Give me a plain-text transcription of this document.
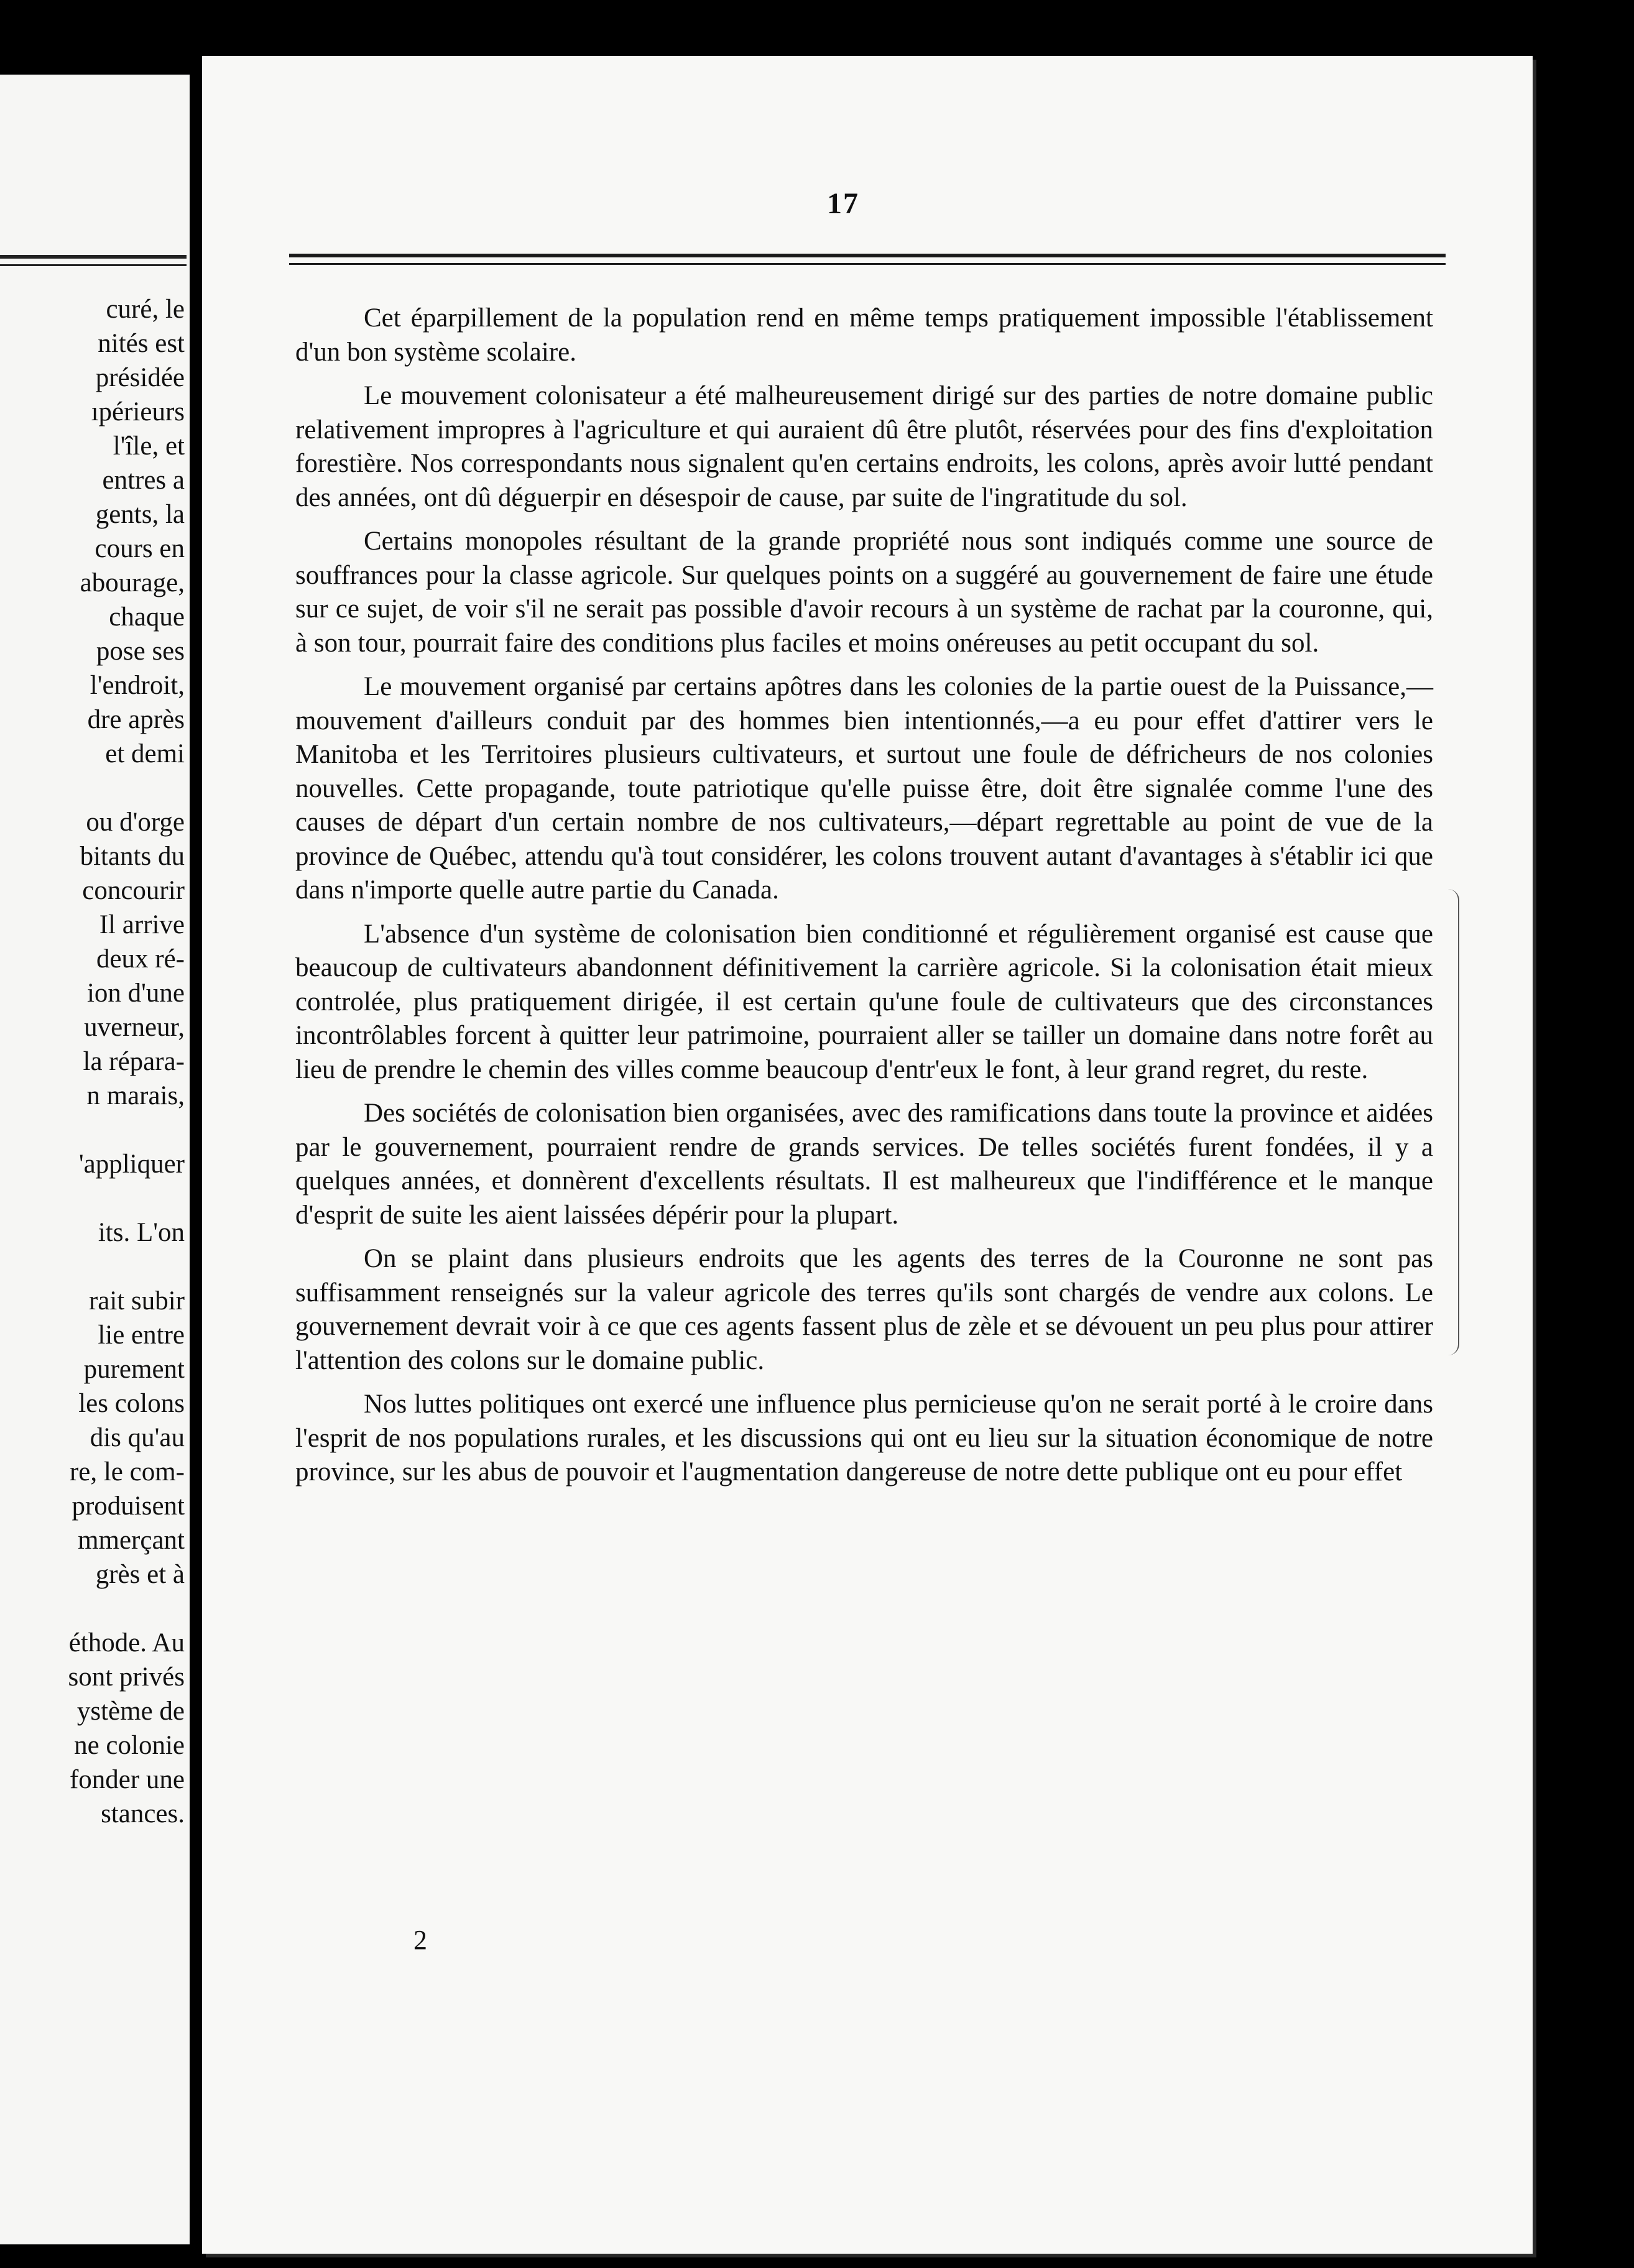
curé, le
nités est
présidée
ıpérieurs
l'île, et
entres a
gents, la
cours en
abourage,
chaque
pose ses
l'endroit,
dre après
et demi
ou d'orge
bitants du
concourir
Il arrive
deux ré-
ion d'une
uverneur,
la répara-
n marais,
'appliquer
its. L'on
rait subir
lie entre
purement
les colons
dis qu'au
re, le com-
produisent
mmerçant
grès et à
éthode. Au
sont privés
ystème de
ne colonie
fonder une
stances.
17

Cet éparpillement de la population rend en même temps pratiquement impossible l'établissement d'un bon système scolaire.

Le mouvement colonisateur a été malheureusement dirigé sur des parties de notre domaine public relativement impropres à l'agriculture et qui auraient dû être plutôt, réservées pour des fins d'exploitation forestière. Nos correspondants nous signalent qu'en certains endroits, les colons, après avoir lutté pendant des années, ont dû déguerpir en désespoir de cause, par suite de l'ingratitude du sol.

Certains monopoles résultant de la grande propriété nous sont indiqués comme une source de souffrances pour la classe agricole. Sur quelques points on a suggéré au gouvernement de faire une étude sur ce sujet, de voir s'il ne serait pas possible d'avoir recours à un système de rachat par la couronne, qui, à son tour, pourrait faire des conditions plus faciles et moins onéreuses au petit occupant du sol.

Le mouvement organisé par certains apôtres dans les colonies de la partie ouest de la Puissance,—mouvement d'ailleurs conduit par des hommes bien intentionnés,—a eu pour effet d'attirer vers le Manitoba et les Territoires plusieurs cultivateurs, et surtout une foule de défricheurs de nos colonies nouvelles. Cette propagande, toute patriotique qu'elle puisse être, doit être signalée comme l'une des causes de départ d'un certain nombre de nos cultivateurs,—départ regrettable au point de vue de la province de Québec, attendu qu'à tout considérer, les colons trouvent autant d'avantages à s'établir ici que dans n'importe quelle autre partie du Canada.

L'absence d'un système de colonisation bien conditionné et régulièrement organisé est cause que beaucoup de cultivateurs abandonnent définitivement la carrière agricole. Si la colonisation était mieux controlée, plus pratiquement dirigée, il est certain qu'une foule de cultivateurs que des circonstances incontrôlables forcent à quitter leur patrimoine, pourraient aller se tailler un domaine dans notre forêt au lieu de prendre le chemin des villes comme beaucoup d'entr'eux le font, à leur grand regret, du reste.

Des sociétés de colonisation bien organisées, avec des ramifications dans toute la province et aidées par le gouvernement, pourraient rendre de grands services. De telles sociétés furent fondées, il y a quelques années, et donnèrent d'excellents résultats. Il est malheureux que l'indifférence et le manque d'esprit de suite les aient laissées dépérir pour la plupart.

On se plaint dans plusieurs endroits que les agents des terres de la Couronne ne sont pas suffisamment renseignés sur la valeur agricole des terres qu'ils sont chargés de vendre aux colons. Le gouvernement devrait voir à ce que ces agents fassent plus de zèle et se dévouent un peu plus pour attirer l'attention des colons sur le domaine public.

Nos luttes politiques ont exercé une influence plus pernicieuse qu'on ne serait porté à le croire dans l'esprit de nos populations rurales, et les discussions qui ont eu lieu sur la situation économique de notre province, sur les abus de pouvoir et l'augmentation dangereuse de notre dette publique ont eu pour effet

2
